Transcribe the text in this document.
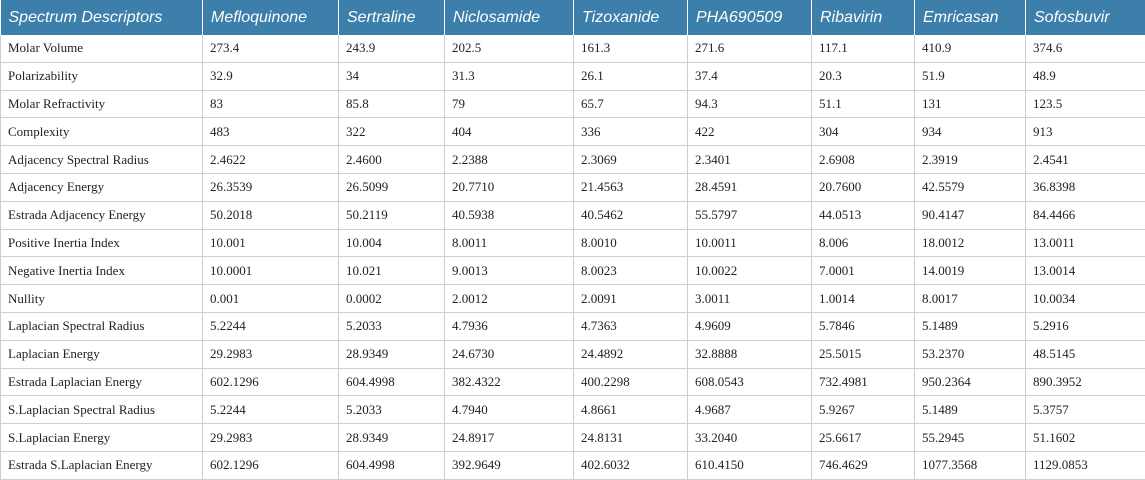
Spectrum Descriptors	Mefloquinone	Sertraline	Niclosamide	Tizoxanide	PHA690509	Ribavirin	Emricasan	Sofosbuvir
Molar Volume	273.4	243.9	202.5	161.3	271.6	117.1	410.9	374.6
Polarizability	32.9	34	31.3	26.1	37.4	20.3	51.9	48.9
Molar Refractivity	83	85.8	79	65.7	94.3	51.1	131	123.5
Complexity	483	322	404	336	422	304	934	913
Adjacency Spectral Radius	2.4622	2.4600	2.2388	2.3069	2.3401	2.6908	2.3919	2.4541
Adjacency Energy	26.3539	26.5099	20.7710	21.4563	28.4591	20.7600	42.5579	36.8398
Estrada Adjacency Energy	50.2018	50.2119	40.5938	40.5462	55.5797	44.0513	90.4147	84.4466
Positive Inertia Index	10.001	10.004	8.0011	8.0010	10.0011	8.006	18.0012	13.0011
Negative Inertia Index	10.0001	10.021	9.0013	8.0023	10.0022	7.0001	14.0019	13.0014
Nullity	0.001	0.0002	2.0012	2.0091	3.0011	1.0014	8.0017	10.0034
Laplacian Spectral Radius	5.2244	5.2033	4.7936	4.7363	4.9609	5.7846	5.1489	5.2916
Laplacian Energy	29.2983	28.9349	24.6730	24.4892	32.8888	25.5015	53.2370	48.5145
Estrada Laplacian Energy	602.1296	604.4998	382.4322	400.2298	608.0543	732.4981	950.2364	890.3952
S.Laplacian Spectral Radius	5.2244	5.2033	4.7940	4.8661	4.9687	5.9267	5.1489	5.3757
S.Laplacian Energy	29.2983	28.9349	24.8917	24.8131	33.2040	25.6617	55.2945	51.1602
Estrada S.Laplacian Energy	602.1296	604.4998	392.9649	402.6032	610.4150	746.4629	1077.3568	1129.0853
